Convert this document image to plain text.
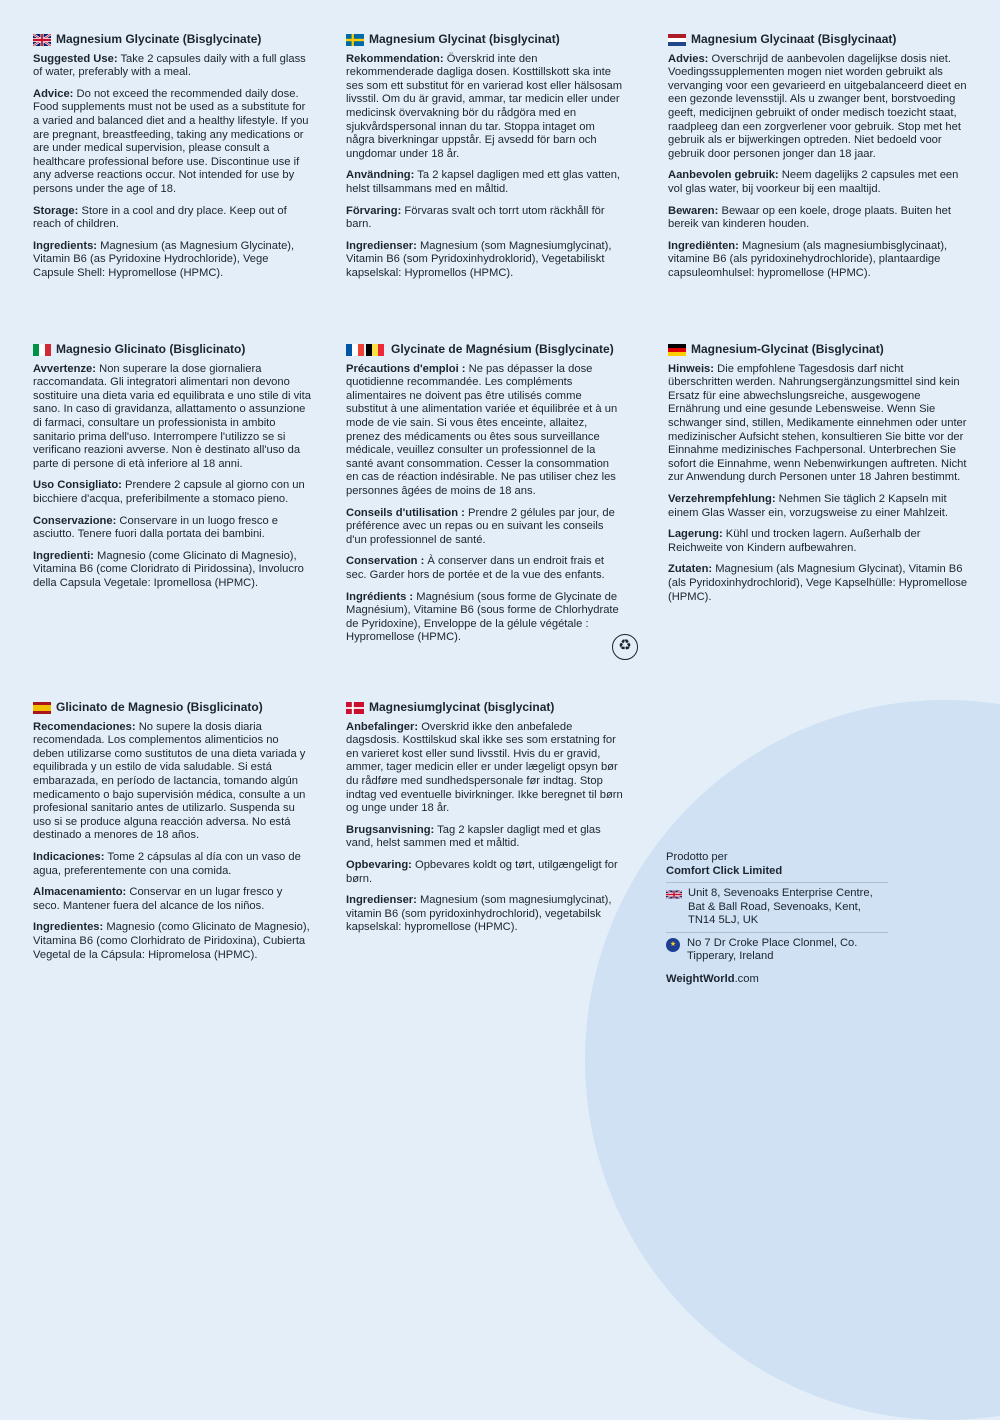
Magnesium Glycinate (Bisglycinate)
Suggested Use: Take 2 capsules daily with a full glass of water, preferably with a meal.
Advice: Do not exceed the recommended daily dose. Food supplements must not be used as a substitute for a varied and balanced diet and a healthy lifestyle. If you are pregnant, breastfeeding, taking any medications or are under medical supervision, please consult a healthcare professional before use. Discontinue use if any adverse reactions occur. Not intended for use by persons under the age of 18.
Storage: Store in a cool and dry place. Keep out of reach of children.
Ingredients: Magnesium (as Magnesium Glycinate), Vitamin B6 (as Pyridoxine Hydrochloride), Vege Capsule Shell: Hypromellose (HPMC).
Magnesium Glycinat (bisglycinat)
Rekommendation: Överskrid inte den rekommenderade dagliga dosen. Kosttillskott ska inte ses som ett substitut för en varierad kost eller hälsosam livsstil. Om du är gravid, ammar, tar medicin eller under medicinsk övervakning bör du rådgöra med en sjukvårdspersonal innan du tar. Stoppa intaget om några biverkningar uppstår. Ej avsedd för barn och ungdomar under 18 år.
Användning: Ta 2 kapsel dagligen med ett glas vatten, helst tillsammans med en måltid.
Förvaring: Förvaras svalt och torrt utom räckhåll för barn.
Ingredienser: Magnesium (som Magnesiumglycinat), Vitamin B6 (som Pyridoxinhydroklorid), Vegetabiliskt kapselskal: Hypromellos (HPMC).
Magnesium Glycinaat (Bisglycinaat)
Advies: Overschrijd de aanbevolen dagelijkse dosis niet. Voedingssupplementen mogen niet worden gebruikt als vervanging voor een gevarieerd en uitgebalanceerd dieet en een gezonde levensstijl. Als u zwanger bent, borstvoeding geeft, medicijnen gebruikt of onder medisch toezicht staat, raadpleeg dan een zorgverlener voor gebruik. Stop met het gebruik als er bijwerkingen optreden. Niet bedoeld voor gebruik door personen jonger dan 18 jaar.
Aanbevolen gebruik: Neem dagelijks 2 capsules met een vol glas water, bij voorkeur bij een maaltijd.
Bewaren: Bewaar op een koele, droge plaats. Buiten het bereik van kinderen houden.
Ingrediënten: Magnesium (als magnesiumbisglycinaat), vitamine B6 (als pyridoxinehydrochloride), plantaardige capsuleomhulsel: hypromellose (HPMC).
Magnesio Glicinato (Bisglicinato)
Avvertenze: Non superare la dose giornaliera raccomandata. Gli integratori alimentari non devono sostituire una dieta varia ed equilibrata e uno stile di vita sano. In caso di gravidanza, allattamento o assunzione di farmaci, consultare un professionista in ambito sanitario prima dell'uso. Interrompere l'utilizzo se si verificano reazioni avverse. Non è destinato all'uso da parte di persone di età inferiore al 18 anni.
Uso Consigliato: Prendere 2 capsule al giorno con un bicchiere d'acqua, preferibilmente a stomaco pieno.
Conservazione: Conservare in un luogo fresco e asciutto. Tenere fuori dalla portata dei bambini.
Ingredienti: Magnesio (come Glicinato di Magnesio), Vitamina B6 (come Cloridrato di Piridossina), Involucro della Capsula Vegetale: Ipromellosa (HPMC).
Glycinate de Magnésium (Bisglycinate)
Précautions d'emploi : Ne pas dépasser la dose quotidienne recommandée. Les compléments alimentaires ne doivent pas être utilisés comme substitut à une alimentation variée et équilibrée et à un mode de vie sain. Si vous êtes enceinte, allaitez, prenez des médicaments ou êtes sous surveillance médicale, veuillez consulter un professionnel de la santé avant consommation. Cesser la consommation en cas de réaction indésirable. Ne pas utiliser chez les personnes âgées de moins de 18 ans.
Conseils d'utilisation : Prendre 2 gélules par jour, de préférence avec un repas ou en suivant les conseils d'un professionnel de santé.
Conservation : À conserver dans un endroit frais et sec. Garder hors de portée et de la vue des enfants.
Ingrédients : Magnésium (sous forme de Glycinate de Magnésium), Vitamine B6 (sous forme de Chlorhydrate de Pyridoxine), Enveloppe de la gélule végétale : Hypromellose (HPMC).
Magnesium-Glycinat (Bisglycinat)
Hinweis: Die empfohlene Tagesdosis darf nicht überschritten werden. Nahrungsergänzungsmittel sind kein Ersatz für eine abwechslungsreiche, ausgewogene Ernährung und eine gesunde Lebensweise. Wenn Sie schwanger sind, stillen, Medikamente einnehmen oder unter medizinischer Aufsicht stehen, konsultieren Sie bitte vor der Einnahme medizinisches Fachpersonal. Unterbrechen Sie sofort die Einnahme, wenn Nebenwirkungen auftreten. Nicht zur Anwendung durch Personen unter 18 Jahren bestimmt.
Verzehrempfehlung: Nehmen Sie täglich 2 Kapseln mit einem Glas Wasser ein, vorzugsweise zu einer Mahlzeit.
Lagerung: Kühl und trocken lagern. Außerhalb der Reichweite von Kindern aufbewahren.
Zutaten: Magnesium (als Magnesium Glycinat), Vitamin B6 (als Pyridoxinhydrochlorid), Vege Kapselhülle: Hypromellose (HPMC).
Glicinato de Magnesio (Bisglicinato)
Recomendaciones: No supere la dosis diaria recomendada. Los complementos alimenticios no deben utilizarse como sustitutos de una dieta variada y equilibrada y un estilo de vida saludable. Si está embarazada, en período de lactancia, tomando algún medicamento o bajo supervisión médica, consulte a un profesional sanitario antes de utilizarlo. Suspenda su uso si se produce alguna reacción adversa. No está destinado a menores de 18 años.
Indicaciones: Tome 2 cápsulas al día con un vaso de agua, preferentemente con una comida.
Almacenamiento: Conservar en un lugar fresco y seco. Mantener fuera del alcance de los niños.
Ingredientes: Magnesio (como Glicinato de Magnesio), Vitamina B6 (como Clorhidrato de Piridoxina), Cubierta Vegetal de la Cápsula: Hipromelosa (HPMC).
Magnesiumglycinat (bisglycinat)
Anbefalinger: Overskrid ikke den anbefalede dagsdosis. Kosttilskud skal ikke ses som erstatning for en varieret kost eller sund livsstil. Hvis du er gravid, ammer, tager medicin eller er under lægeligt opsyn bør du rådføre med sundhedspersonale før indtag. Stop indtag ved eventuelle bivirkninger. Ikke beregnet til børn og unge under 18 år.
Brugsanvisning: Tag 2 kapsler dagligt med et glas vand, helst sammen med et måltid.
Opbevaring: Opbevares koldt og tørt, utilgængeligt for børn.
Ingredienser: Magnesium (som magnesiumglycinat), vitamin B6 (som pyridoxinhydrochlorid), vegetabilsk kapselskal: hypromellose (HPMC).
♻
Prodotto per
Comfort Click Limited
Unit 8, Sevenoaks Enterprise Centre, Bat & Ball Road, Sevenoaks, Kent, TN14 5LJ, UK
★ No 7 Dr Croke Place Clonmel, Co. Tipperary, Ireland
WeightWorld.com
